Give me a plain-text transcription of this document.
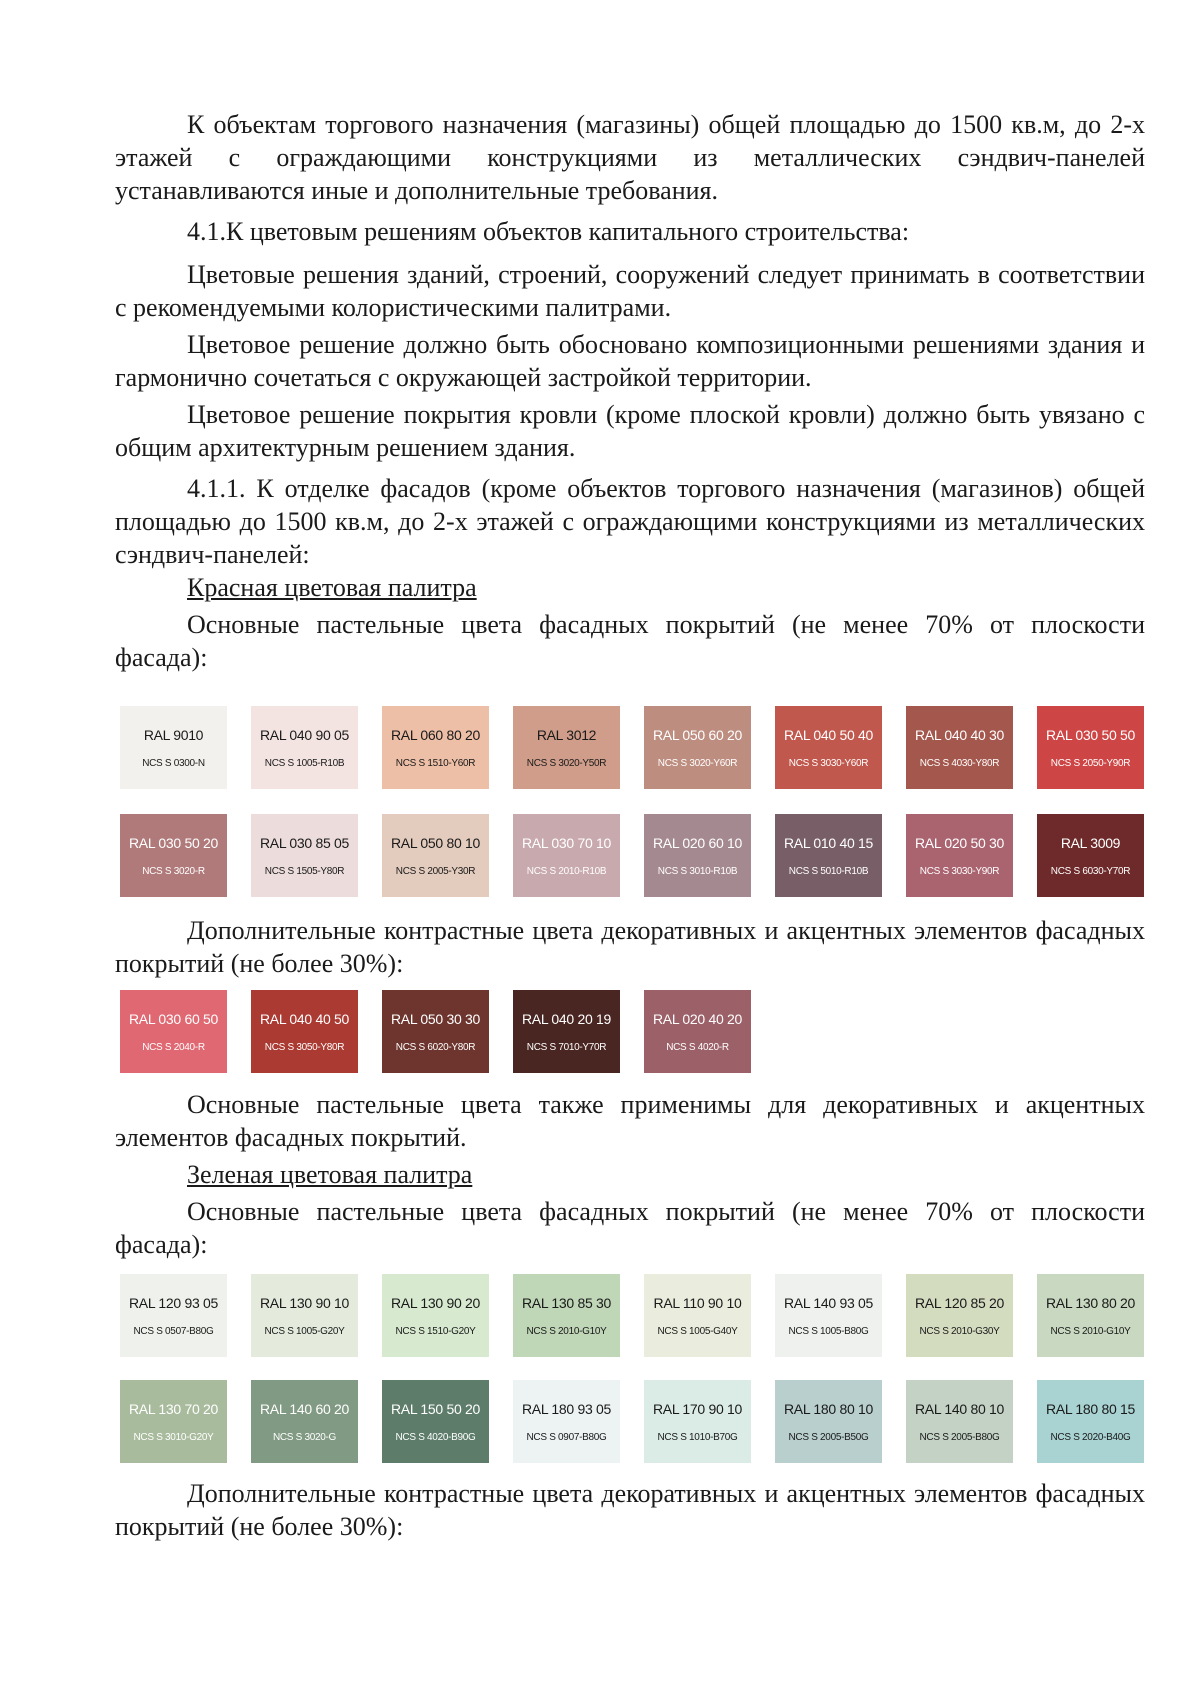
К объектам торгового назначения (магазины) общей площадью до 1500 кв.м, до 2-х этажей с ограждающими конструкциями из металлических сэндвич-панелей устанавливаются иные и дополнительные требования.

4.1.К цветовым решениям объектов капитального строительства:

Цветовые решения зданий, строений, сооружений следует принимать в соответствии с рекомендуемыми колористическими палитрами.

Цветовое решение должно быть обосновано композиционными решениями здания и гармонично сочетаться с окружающей застройкой территории.

Цветовое решение покрытия кровли (кроме плоской кровли) должно быть увязано с общим архитектурным решением здания.

4.1.1. К отделке фасадов (кроме объектов торгового назначения (магазинов) общей площадью до 1500 кв.м, до 2-х этажей с ограждающими конструкциями из металлических сэндвич-панелей:

Красная цветовая палитра

Основные пастельные цвета фасадных покрытий (не менее 70% от плоскости фасада):

RAL 9010
NCS S 0300-N
RAL 040 90 05
NCS S 1005-R10B
RAL 060 80 20
NCS S 1510-Y60R
RAL 3012
NCS S 3020-Y50R
RAL 050 60 20
NCS S 3020-Y60R
RAL 040 50 40
NCS S 3030-Y60R
RAL 040 40 30
NCS S 4030-Y80R
RAL 030 50 50
NCS S 2050-Y90R
RAL 030 50 20
NCS S 3020-R
RAL 030 85 05
NCS S 1505-Y80R
RAL 050 80 10
NCS S 2005-Y30R
RAL 030 70 10
NCS S 2010-R10B
RAL 020 60 10
NCS S 3010-R10B
RAL 010 40 15
NCS S 5010-R10B
RAL 020 50 30
NCS S 3030-Y90R
RAL 3009
NCS S 6030-Y70R

Дополнительные контрастные цвета декоративных и акцентных элементов фасадных покрытий (не более 30%):

RAL 030 60 50
NCS S 2040-R
RAL 040 40 50
NCS S 3050-Y80R
RAL 050 30 30
NCS S 6020-Y80R
RAL 040 20 19
NCS S 7010-Y70R
RAL 020 40 20
NCS S 4020-R

Основные пастельные цвета также применимы для декоративных и акцентных элементов фасадных покрытий.

Зеленая цветовая палитра

Основные пастельные цвета фасадных покрытий (не менее 70% от плоскости фасада):

RAL 120 93 05
NCS S 0507-B80G
RAL 130 90 10
NCS S 1005-G20Y
RAL 130 90 20
NCS S 1510-G20Y
RAL 130 85 30
NCS S 2010-G10Y
RAL 110 90 10
NCS S 1005-G40Y
RAL 140 93 05
NCS S 1005-B80G
RAL 120 85 20
NCS S 2010-G30Y
RAL 130 80 20
NCS S 2010-G10Y
RAL 130 70 20
NCS S 3010-G20Y
RAL 140 60 20
NCS S 3020-G
RAL 150 50 20
NCS S 4020-B90G
RAL 180 93 05
NCS S 0907-B80G
RAL 170 90 10
NCS S 1010-B70G
RAL 180 80 10
NCS S 2005-B50G
RAL 140 80 10
NCS S 2005-B80G
RAL 180 80 15
NCS S 2020-B40G

Дополнительные контрастные цвета декоративных и акцентных элементов фасадных покрытий (не более 30%):
